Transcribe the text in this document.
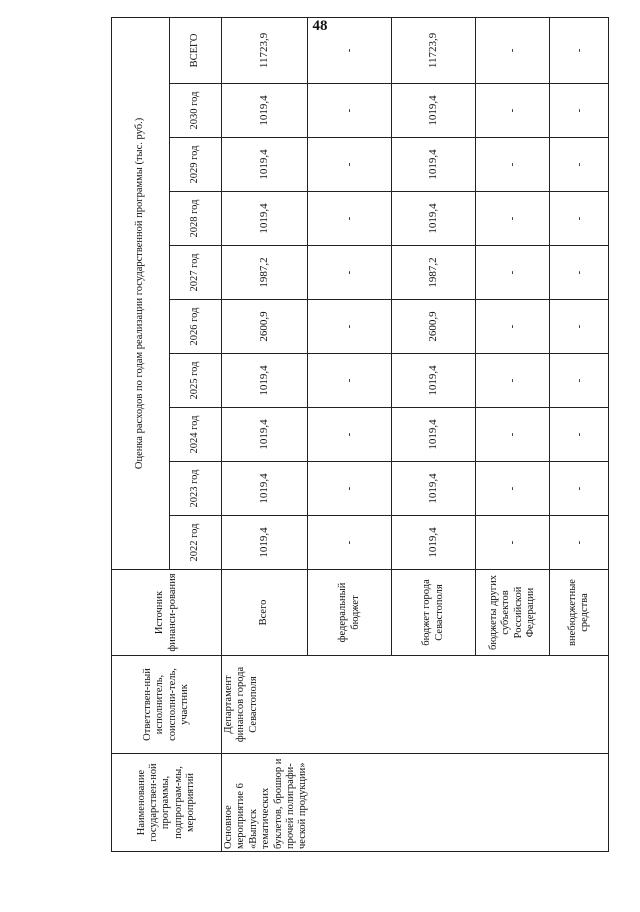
48
Наименование государствен-ной программы, подпрограм-мы, мероприятий	Ответствен-ный исполнитель, соисполни-тель, участник	Источник финанси-рования	Оценка расходов по годам реализации государственной программы (тыс. руб.)									
			2022 год	2023 год	2024 год	2025 год	2026 год	2027 год	2028 год	2029 год	2030 год	ВСЕГО
Основное мероприятие 6 «Выпуск тематических буклетов, брошюр и прочей полиграфи-ческой продукции»	Департамент финансов города Севастополя	Всего	1019,4	1019,4	1019,4	1019,4	2600,9	1987,2	1019,4	1019,4	1019,4	11723,9
		федеральный бюджет	-	-	-	-	-	-	-	-	-	-
		бюджет города Севастополя	1019,4	1019,4	1019,4	1019,4	2600,9	1987,2	1019,4	1019,4	1019,4	11723,9
		бюджеты других субъектов Российской Федерации	-	-	-	-	-	-	-	-	-	-
		внебюджетные средства	-	-	-	-	-	-	-	-	-	-
